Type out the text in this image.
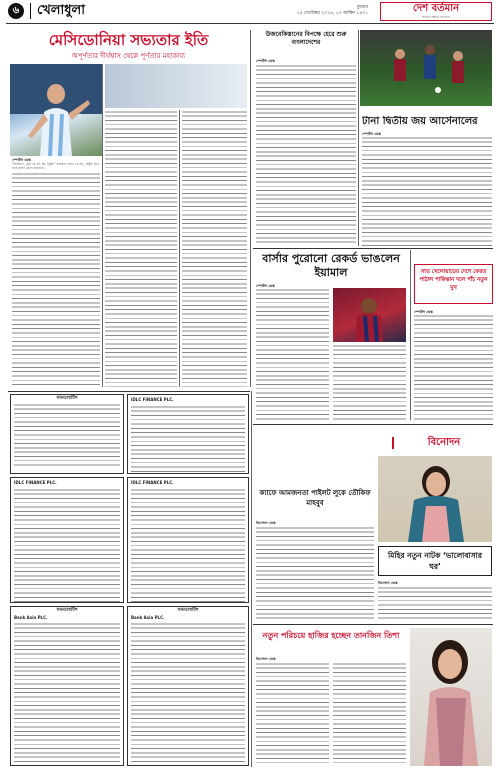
৬	খেলাধুলা	বুধবার
২৫ সেপ্টেম্বর ২০২৪, ১০ আশ্বিন ১৪৩১	দেশ বর্তমান
সত্যের সন্ধানে প্রতিদিন
মেসিডোনিয়া সভ্যতার ইতি
অপূর্ণতার দীর্ঘশ্বাস থেকে পূর্ণতার মহাকাব্য
স্পোর্টস ডেস্ক
“বাস্তবতা, তুমি যে বড় রূঢ় নিষ্ঠুর” বাস্তবতা মানে যে রূঢ়, নিষ্ঠুর সত্য, তার প্রমাণ মেলে কাতারে।
উজবেকিস্তানের বিপক্ষে হেরে শুরু বাংলাদেশের
স্পোর্টস ডেস্ক
টানা দ্বিতীয় জয় আর্সেনালের
স্পোর্টস ডেস্ক
বার্সার পুরোনো রেকর্ড ভাঙলেন ইয়ামাল
স্পোর্টস ডেস্ক
সাত খেলোয়াড়ের দেশে ফেরত পাঠাল পাকিস্তান দলে পাঁচ নতুন মুখ
স্পোর্টস ডেস্ক
বিনোদন
ক্যাফে আমজনতা পাইলট লুকে তৌকিফ মাহবুব
বিনোদন ডেস্ক
মিহির নতুন নাটক ‘ভালোবাসার ঘর’
বিনোদন ডেস্ক
নতুন পরিচয়ে হাজির হচ্ছেন তানজিন তিশা
বিনোদন ডেস্ক
সমনলোটিশ	IDLC FINANCE PLC.
IDLC FINANCE PLC.	IDLC FINANCE PLC.
সমনলোটিশ
Bank Asia PLC.
সমনলোটিশ
Bank Asia PLC.
